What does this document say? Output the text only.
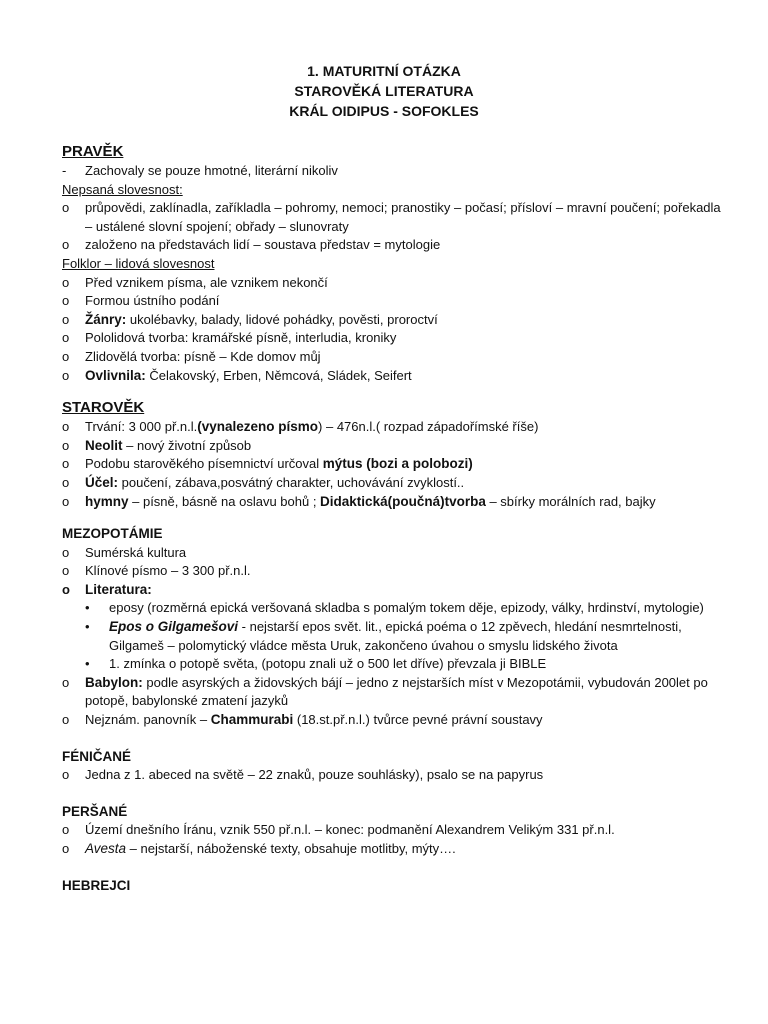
1. MATURITNÍ OTÁZKA
STAROVĚKÁ LITERATURA
KRÁL OIDIPUS - SOFOKLES
PRAVĚK
-	Zachovaly se pouze hmotné, literární nikoliv
Nepsaná slovesnost:
o	průpovědi, zaklínadla, zaříkladla – pohromy, nemoci; pranostiky – počasí; přísloví – mravní poučení; pořekadla – ustálené slovní spojení; obřady – slunovraty
o	založeno na představách lidí – soustava představ = mytologie
Folklor – lidová slovesnost
o	Před vznikem písma, ale vznikem nekončí
o	Formou ústního podání
o	Žánry: ukolébavky, balady, lidové pohádky, pověsti, proroctví
o	Pololidová tvorba: kramářské písně, interludia, kroniky
o	Zlidovělá tvorba: písně – Kde domov můj
o	Ovlivnila: Čelakovský, Erben, Němcová, Sládek, Seifert
STAROVĚK
o	Trvání: 3 000 př.n.l.(vynalezeno písmo) – 476n.l.( rozpad západořímské říše)
o	Neolit – nový životní způsob
o	Podobu starověkého písemnictví určoval mýtus (bozi a polobozi)
o	Účel: poučení, zábava,posvátný charakter, uchovávání zvyklostí..
o	hymny – písně, básně na oslavu bohů ; Didaktická(poučná)tvorba – sbírky morálních rad, bajky
MEZOPOTÁMIE
o	Sumérská kultura
o	Klínové písmo – 3 300 př.n.l.
o	Literatura:
•	eposy (rozměrná epická veršovaná skladba s pomalým tokem děje, epizody, války, hrdinství, mytologie)
•	Epos o Gilgamešovi - nejstarší epos svět. lit., epická poéma o 12 zpěvech, hledání nesmrtelnosti, Gilgameš – polomytický vládce města Uruk, zakončeno úvahou o smyslu lidského života
•	1. zmínka o potopě světa, (potopu znali už o 500 let dříve) převzala ji BIBLE
o	Babylon: podle asyrských a židovských bájí – jedno z nejstarších míst v Mezopotámii, vybudován 200let po potopě, babylonské zmatení jazyků
o	Nejznám. panovník – Chammurabi (18.st.př.n.l.) tvůrce pevné právní soustavy
FÉNIČANÉ
o	Jedna z 1. abeced na světě – 22 znaků, pouze souhlásky), psalo se na papyrus
PERŠANÉ
o	Území dnešního Íránu, vznik 550 př.n.l. – konec: podmanění Alexandrem Velikým 331 př.n.l.
o	Avesta – nejstarší, náboženské texty, obsahuje motlitby, mýty….
HEBREJCI
